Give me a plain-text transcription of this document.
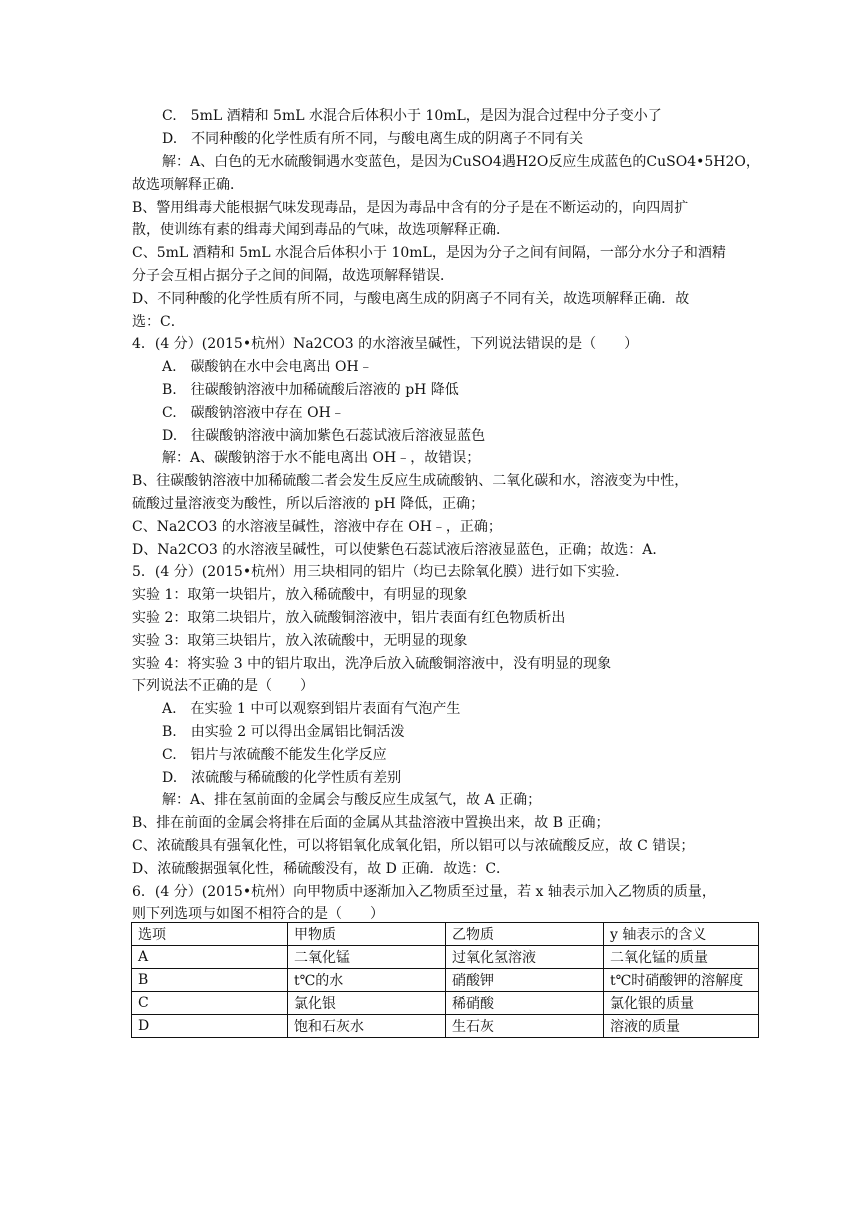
C.　5mL 酒精和 5mL 水混合后体积小于 10mL，是因为混合过程中分子变小了
D.　不同种酸的化学性质有所不同，与酸电离生成的阴离子不同有关
解：A、白色的无水硫酸铜遇水变蓝色，是因为CuSO4遇H2O反应生成蓝色的CuSO4•5H2O，
故选项解释正确．
B、警用缉毒犬能根据气味发现毒品，是因为毒品中含有的分子是在不断运动的，向四周扩
散，使训练有素的缉毒犬闻到毒品的气味，故选项解释正确．
C、5mL 酒精和 5mL 水混合后体积小于 10mL，是因为分子之间有间隔，一部分水分子和酒精
分子会互相占据分子之间的间隔，故选项解释错误．
D、不同种酸的化学性质有所不同，与酸电离生成的阴离子不同有关，故选项解释正确．故
选：C．
4．(4 分）(2015•杭州）Na2CO3 的水溶液呈碱性，下列说法错误的是（　　）
A.　碳酸钠在水中会电离出 OH﹣
B.　往碳酸钠溶液中加稀硫酸后溶液的 pH 降低
C.　碳酸钠溶液中存在 OH﹣
D.　往碳酸钠溶液中滴加紫色石蕊试液后溶液显蓝色
解：A、碳酸钠溶于水不能电离出 OH﹣，故错误；
B、往碳酸钠溶液中加稀硫酸二者会发生反应生成硫酸钠、二氧化碳和水，溶液变为中性，
硫酸过量溶液变为酸性，所以后溶液的 pH 降低，正确；
C、Na2CO3 的水溶液呈碱性，溶液中存在 OH﹣，正确；
D、Na2CO3 的水溶液呈碱性，可以使紫色石蕊试液后溶液显蓝色，正确；故选：A．
5．(4 分）(2015•杭州）用三块相同的铝片（均已去除氧化膜）进行如下实验．
实验 1：取第一块铝片，放入稀硫酸中，有明显的现象
实验 2：取第二块铝片，放入硫酸铜溶液中，铝片表面有红色物质析出
实验 3：取第三块铝片，放入浓硫酸中，无明显的现象
实验 4：将实验 3 中的铝片取出，洗净后放入硫酸铜溶液中，没有明显的现象
下列说法不正确的是（　　）
A.　在实验 1 中可以观察到铝片表面有气泡产生
B.　由实验 2 可以得出金属铝比铜活泼
C.　铝片与浓硫酸不能发生化学反应
D.　浓硫酸与稀硫酸的化学性质有差别
解：A、排在氢前面的金属会与酸反应生成氢气，故 A 正确；
B、排在前面的金属会将排在后面的金属从其盐溶液中置换出来，故 B 正确；
C、浓硫酸具有强氧化性，可以将铝氧化成氧化铝，所以铝可以与浓硫酸反应，故 C 错误；
D、浓硫酸据强氧化性，稀硫酸没有，故 D 正确．故选：C．
6．(4 分）(2015•杭州）向甲物质中逐渐加入乙物质至过量，若 x 轴表示加入乙物质的质量，
则下列选项与如图不相符合的是（　　）
选项	甲物质	乙物质	y 轴表示的含义
A	二氧化锰	过氧化氢溶液	二氧化锰的质量
B	t℃的水	硝酸钾	t℃时硝酸钾的溶解度
C	氯化银	稀硝酸	氯化银的质量
D	饱和石灰水	生石灰	溶液的质量
